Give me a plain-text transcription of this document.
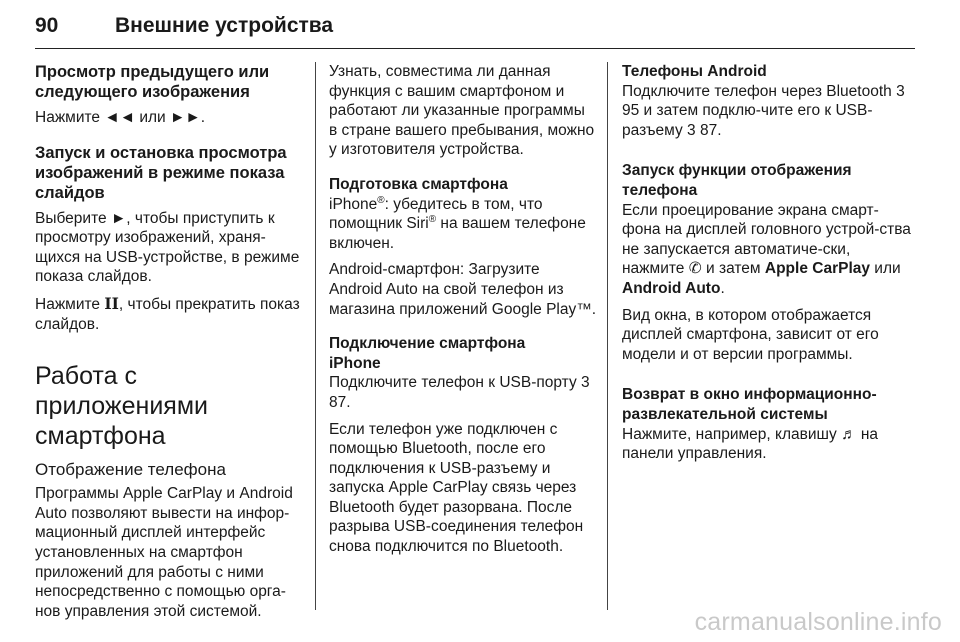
90	Внешние устройства
Просмотр предыдущего или следующего изображения

Нажмите ◄◄ или ►►.

Запуск и остановка просмотра изображений в режиме показа слайдов

Выберите ►, чтобы приступить к просмотру изображений, храня-щихся на USB-устройстве, в режиме показа слайдов.

Нажмите II, чтобы прекратить показ слайдов.

Работа с приложениями смартфона
Отображение телефона

Программы Apple CarPlay и Android Auto позволяют вывести на инфор-мационный дисплей интерфейс установленных на смартфон приложений для работы с ними непосредственно с помощью орга-нов управления этой системой.

Узнать, совместима ли данная функция с вашим смартфоном и работают ли указанные программы в стране вашего пребывания, можно у изготовителя устройства.

Подготовка смартфона

iPhone®: убедитесь в том, что помощник Siri® на вашем телефоне включен.

Android-смартфон: Загрузите Android Auto на свой телефон из магазина приложений Google Play™.

Подключение смартфона
iPhone

Подключите телефон к USB-порту 3 87.

Если телефон уже подключен с помощью Bluetooth, после его подключения к USB-разъему и запуска Apple CarPlay связь через Bluetooth будет разорвана. После разрыва USB-соединения телефон снова подключится по Bluetooth.

Телефоны Android

Подключите телефон через Bluetooth 3 95 и затем подклю-чите его к USB-разъему 3 87.

Запуск функции отображения телефона

Если проецирование экрана смарт-фона на дисплей головного устрой-ства не запускается автоматиче-ски, нажмите ✆ и затем Apple CarPlay или Android Auto.

Вид окна, в котором отображается дисплей смартфона, зависит от его модели и от версии программы.

Возврат в окно информационно-развлекательной системы

Нажмите, например, клавишу ♬ на панели управления.

carmanualsonline.info
